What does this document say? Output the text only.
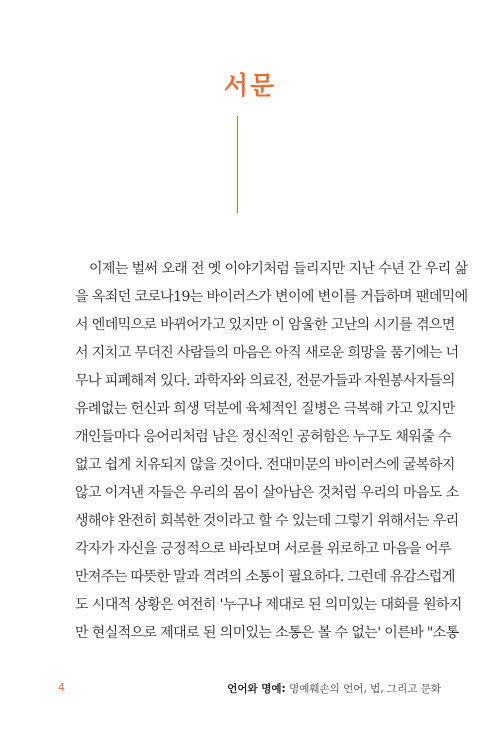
서문
이제는 벌써 오래 전 옛 이야기처럼 들리지만 지난 수년 간 우리 삶
을 옥죄던 코로나19는 바이러스가 변이에 변이를 거듭하며 팬데믹에
서 엔데믹으로 바뀌어가고 있지만 이 암울한 고난의 시기를 겪으면
서 지치고 무더진 사람들의 마음은 아직 새로운 희망을 품기에는 너
무나 피폐해져 있다. 과학자와 의료진, 전문가들과 자원봉사자들의
유례없는 헌신과 희생 덕분에 육체적인 질병은 극복해 가고 있지만
개인들마다 응어리처럼 남은 정신적인 공허함은 누구도 채워줄 수
없고 쉽게 치유되지 않을 것이다. 전대미문의 바이러스에 굴복하지
않고 이겨낸 자들은 우리의 몸이 살아남은 것처럼 우리의 마음도 소
생해야 완전히 회복한 것이라고 할 수 있는데 그렇기 위해서는 우리
각자가 자신을 긍정적으로 바라보며 서로를 위로하고 마음을 어루
만져주는 따뜻한 말과 격려의 소통이 필요하다. 그런데 유감스럽게
도 시대적 상황은 여전히 '누구나 제대로 된 의미있는 대화를 원하지
만 현실적으로 제대로 된 의미있는 소통은 볼 수 없는' 이른바 "소통
4	언어와 명예: 명예훼손의 언어, 법, 그리고 문화
